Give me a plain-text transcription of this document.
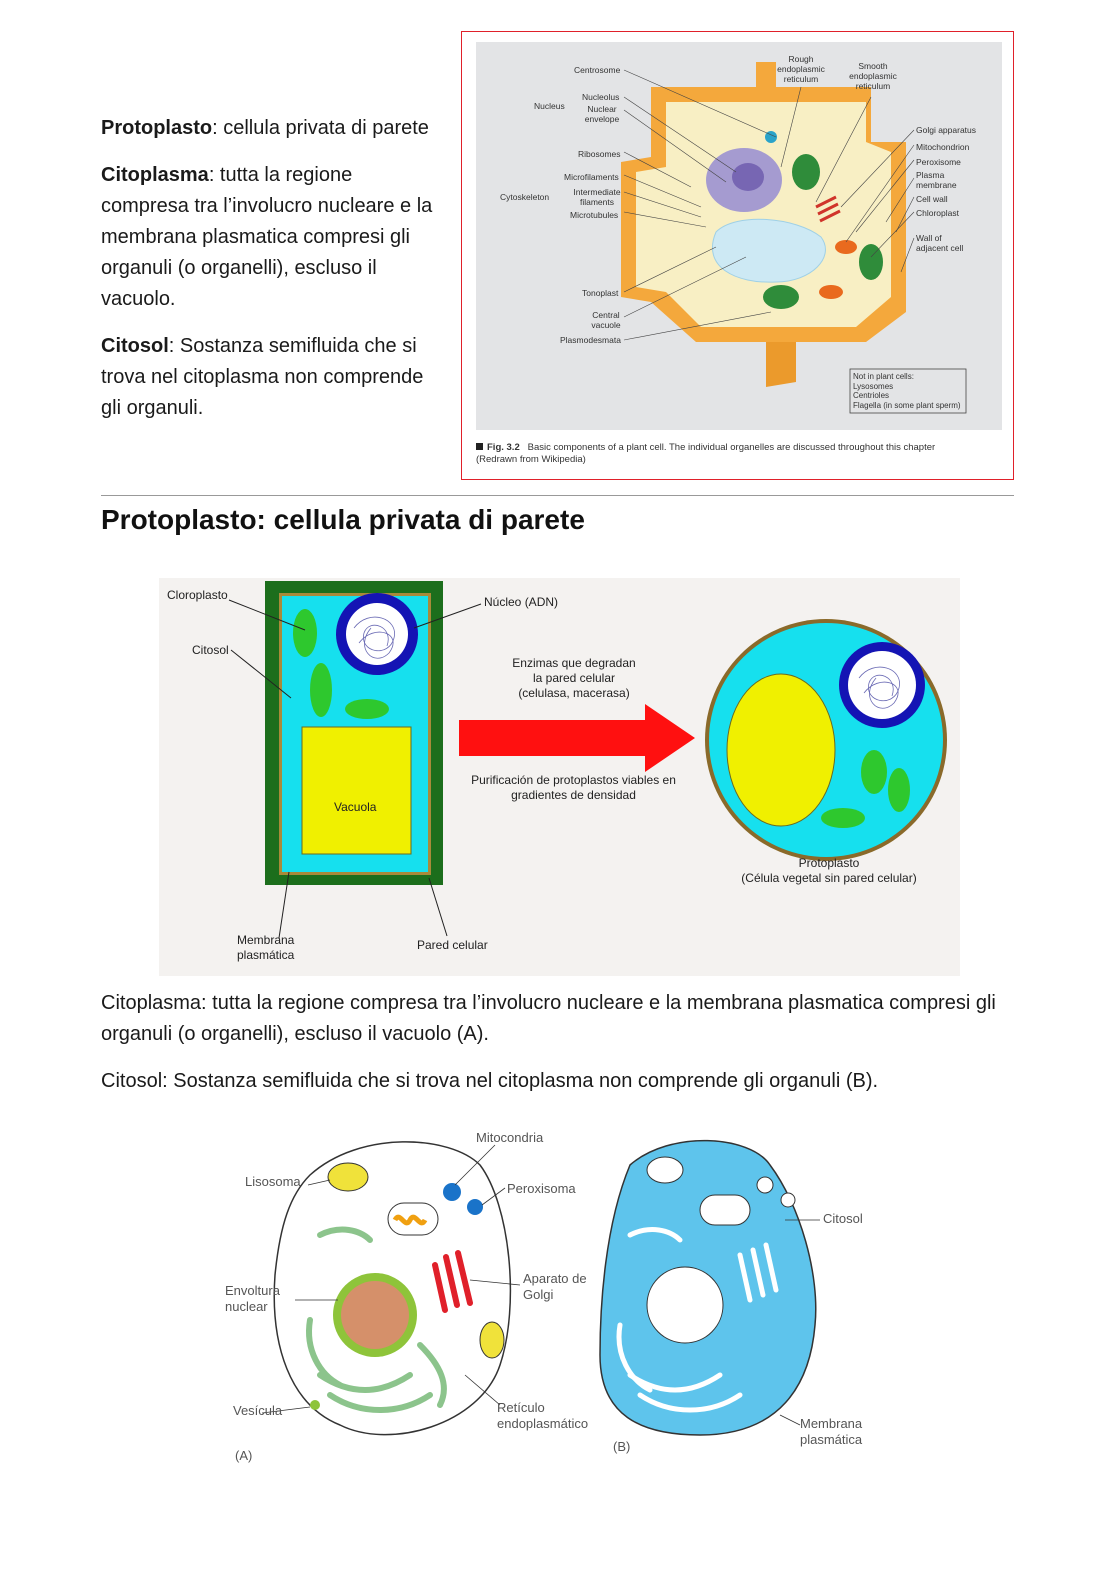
Protoplasto: cellula privata di parete

Citoplasma: tutta la regione compresa tra l’involucro nucleare e la membrana plasmatica compresi gli organuli (o organelli), escluso il vacuolo.

Citosol: Sostanza semifluida che si trova nel citoplasma non comprende gli organuli.

Centrosome
Rough endoplasmic reticulum
Smooth endoplasmic reticulum
Nucleus
Nucleolus
Nuclear envelope
Ribosomes
Cytoskeleton
Microfilaments
Intermediate filaments
Microtubules
Tonoplast
Central vacuole
Plasmodesmata
Golgi apparatus
Mitochondrion
Peroxisome
Plasma membrane
Cell wall
Chloroplast
Wall of adjacent cell
Not in plant cells:
Lysosomes
Centrioles
Flagella (in some plant sperm)
Fig. 3.2 Basic components of a plant cell. The individual organelles are discussed throughout this chapter
(Redrawn from Wikipedia)
Protoplasto: cellula privata di parete
Cloroplasto
Citosol
Núcleo (ADN)
Vacuola
Enzimas que degradan la pared celular (celulasa, macerasa)
Purificación de protoplastos viables en gradientes de densidad
Protoplasto
(Célula vegetal sin pared celular)
Membrana plasmática
Pared celular
Citoplasma: tutta la regione compresa tra l’involucro nucleare e la membrana plasmatica compresi gli organuli (o organelli), escluso il vacuolo (A).
Citosol: Sostanza semifluida che si trova nel citoplasma non comprende gli organuli (B).
Mitocondria
Lisosoma	Peroxisoma
Envoltura nuclear
Aparato de Golgi
Vesícula	Retículo endoplasmático
(A)
Citosol
Membrana plasmática
(B)
